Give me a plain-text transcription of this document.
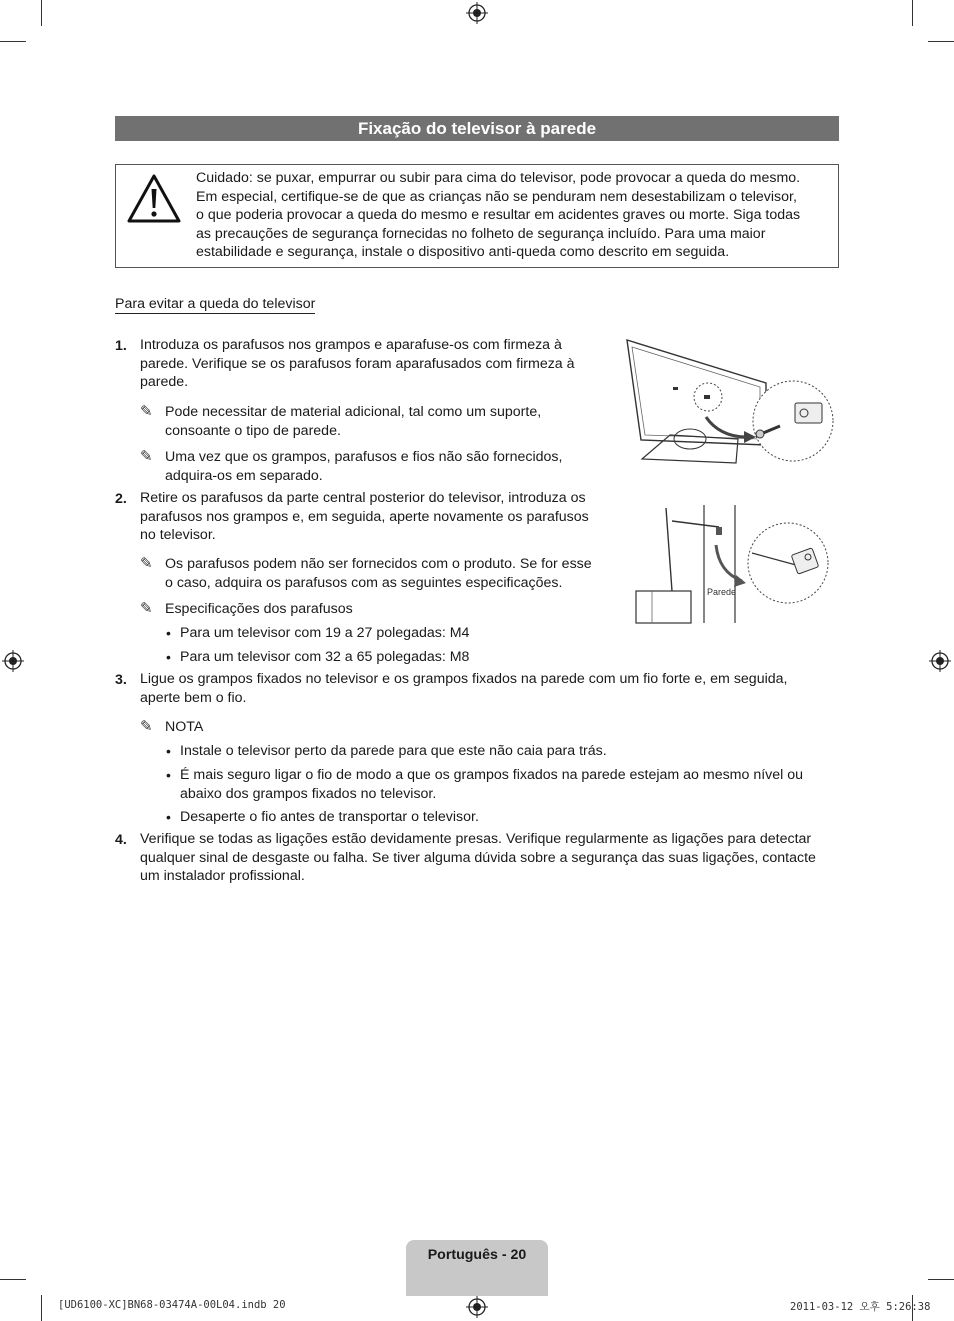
Fixação do televisor à parede
Cuidado: se puxar, empurrar ou subir para cima do televisor, pode provocar a queda do mesmo.
Em especial, certifique-se de que as crianças não se penduram nem desestabilizam o televisor,
o que poderia provocar a queda do mesmo e resultar em acidentes graves ou morte. Siga todas
as precauções de segurança fornecidas no folheto de segurança incluído. Para uma maior
estabilidade e segurança, instale o dispositivo anti-queda como descrito em seguida.
Para evitar a queda do televisor
1. Introduza os parafusos nos grampos e aparafuse-os com firmeza à
parede. Verifique se os parafusos foram aparafusados com firmeza à
parede.
✎ Pode necessitar de material adicional, tal como um suporte,
consoante o tipo de parede.
✎ Uma vez que os grampos, parafusos e fios não são fornecidos,
adquira-os em separado.
2. Retire os parafusos da parte central posterior do televisor, introduza os
parafusos nos grampos e, em seguida, aperte novamente os parafusos
no televisor.
✎ Os parafusos podem não ser fornecidos com o produto. Se for esse
o caso, adquira os parafusos com as seguintes especificações.
✎ Especificações dos parafusos
• Para um televisor com 19 a 27 polegadas: M4
• Para um televisor com 32 a 65 polegadas: M8
3. Ligue os grampos fixados no televisor e os grampos fixados na parede com um fio forte e, em seguida,
aperte bem o fio.
✎ NOTA
• Instale o televisor perto da parede para que este não caia para trás.
• É mais seguro ligar o fio de modo a que os grampos fixados na parede estejam ao mesmo nível ou
abaixo dos grampos fixados no televisor.
• Desaperte o fio antes de transportar o televisor.
4. Verifique se todas as ligações estão devidamente presas. Verifique regularmente as ligações para detectar
qualquer sinal de desgaste ou falha. Se tiver alguma dúvida sobre a segurança das suas ligações, contacte
um instalador profissional.
Parede
Português - 20
[UD6100-XC]BN68-03474A-00L04.indb 20	2011-03-12 오후 5:26:38
